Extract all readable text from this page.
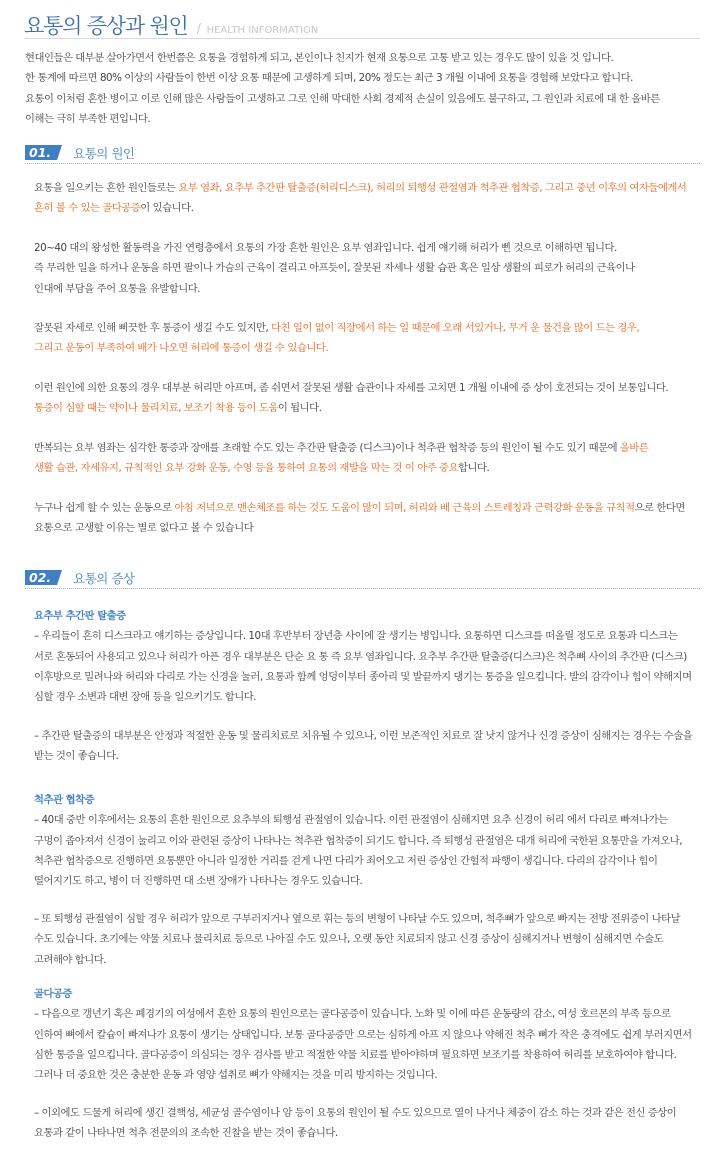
요통의 증상과 원인 / HEALTH INFORMATION

현대인들은 대부분 살아가면서 한번쯤은 요통을 경험하게 되고, 본인이나 친지가 현재 요통으로 고통 받고 있는 경우도 많이 있을 것 입니다.

한 통계에 따르면 80% 이상의 사람들이 한번 이상 요통 때문에 고생하게 되며, 20% 정도는 최근 3 개월 이내에 요통을 경험해 보았다고 합니다.

요통이 이처럼 흔한 병이고 이로 인해 많은 사람들이 고생하고 그로 인해 막대한 사회 경제적 손실이 있음에도 불구하고, 그 원인과 치료에 대 한 올바른

이해는 극히 부족한 편입니다.

01.	요통의 원인

요통을 일으키는 흔한 원인들로는 요부 염좌, 요추부 추간판 탈출증(허리디스크), 허리의 퇴행성 관절염과 척추관 협착증, 그리고 중년 이후의 여자들에게서

흔히 볼 수 있는 골다공증이 있습니다.

20~40 대의 왕성한 활동력을 가진 연령층에서 요통의 가장 흔한 원인은 요부 염좌입니다. 쉽게 얘기해 허리가 삔 것으로 이해하면 됩니다.

즉 무리한 일을 하거나 운동을 하면 팔이나 가슴의 근육이 결리고 아프듯이, 잘못된 자세나 생활 습관 혹은 일상 생활의 피로가 허리의 근육이나

인대에 부담을 주어 요통을 유발합니다.

잘못된 자세로 인해 삐끗한 후 통증이 생길 수도 있지만, 다친 일이 없이 직장에서 하는 일 때문에 오래 서있거나, 무거 운 물건을 많이 드는 경우,

그리고 운동이 부족하여 배가 나오면 허리에 통증이 생길 수 있습니다.

이런 원인에 의한 요통의 경우 대부분 허리만 아프며, 좀 쉬면서 잘못된 생활 습관이나 자세를 고치면 1 개월 이내에 증 상이 호전되는 것이 보통입니다.

통증이 심할 때는 약이나 물리치료, 보조기 착용 등이 도움이 됩니다.

반복되는 요부 염좌는 심각한 통증과 장애를 초래할 수도 있는 추간판 탈출증 (디스크)이나 척추관 협착증 등의 원인이 될 수도 있기 때문에 올바른

생활 습관, 자세유지, 규칙적인 요부 강화 운동, 수영 등을 통하여 요통의 재발을 막는 것 이 아주 중요합니다.

누구나 쉽게 할 수 있는 운동으로 아침 저녁으로 맨손체조를 하는 것도 도움이 많이 되며, 허리와 배 근육의 스트레칭과 근력강화 운동을 규칙적으로 한다면

요통으로 고생할 이유는 별로 없다고 볼 수 있습니다

02.	요통의 증상

요추부 추간판 탈출증

– 우리들이 흔히 디스크라고 얘기하는 증상입니다. 10대 후반부터 장년층 사이에 잘 생기는 병입니다. 요통하면 디스크를 떠올릴 정도로 요통과 디스크는

서로 혼동되어 사용되고 있으나 허리가 아픈 경우 대부분은 단순 요 통 즉 요부 염좌입니다. 요추부 추간판 탈출증(디스크)은 척추뼈 사이의 추간판 (디스크)

이후방으로 밀려나와 허리와 다리로 가는 신경을 눌러, 요통과 함께 엉덩이부터 종아리 및 발끝까지 댕기는 통증을 일으킵니다. 발의 감각이나 힘이 약해지며

심할 경우 소변과 대변 장애 등을 일으키기도 합니다.

– 추간판 탈출증의 대부분은 안정과 적절한 운동 및 물리치료로 치유될 수 있으나, 이런 보존적인 치료로 잘 낫지 않거나 신경 증상이 심해지는 경우는 수술을

받는 것이 좋습니다.

척추관 협착증

– 40대 중반 이후에서는 요통의 흔한 원인으로 요추부의 퇴행성 관절염이 있습니다. 이런 관절염이 심해지면 요추 신경이 허리 에서 다리로 빠져나가는

구멍이 좁아져서 신경이 눌리고 이와 관련된 증상이 나타나는 척추관 협착증이 되기도 합니다. 즉 퇴행성 관절염은 대개 허리에 국한된 요통만을 가져오나,

척추관 협착증으로 진행하면 요통뿐만 아니라 일정한 거리를 걷게 나면 다리가 죄어오고 저린 증상인 간헐적 파행이 생깁니다. 다리의 감각이나 힘이

떨어지기도 하고, 병이 더 진행하면 대 소변 장애가 나타나는 경우도 있습니다.

– 또 퇴행성 관절염이 심할 경우 허리가 앞으로 구부러지거나 옆으로 휘는 등의 변형이 나타날 수도 있으며, 척추뼈가 앞으로 빠지는 전방 전위증이 나타날

수도 있습니다. 초기에는 약물 치료나 물리치료 등으로 나아질 수도 있으나, 오랫 동안 치료되지 않고 신경 증상이 심해지거나 변형이 심해지면 수술도

고려해야 합니다.

골다공증

– 다음으로 갱년기 혹은 폐경기의 여성에서 흔한 요통의 원인으로는 골다공증이 있습니다. 노화 및 이에 따른 운동량의 감소, 여성 호르몬의 부족 등으로

인하여 뼈에서 칼슘이 빠져나가 요통이 생기는 상태입니다. 보통 골다공증만 으로는 심하게 아프 지 않으나 약해진 척추 뼈가 작은 충격에도 쉽게 부러지면서

심한 통증을 일으킵니다. 골다공증이 의심되는 경우 검사를 받고 적절한 약물 치료를 받아야하며 필요하면 보조기를 착용하여 허리를 보호하여야 합니다.

그러나 더 중요한 것은 충분한 운동 과 영양 섭취로 뼈가 약해지는 것을 미리 방지하는 것입니다.

– 이외에도 드물게 허리에 생긴 결핵성, 세균성 골수염이나 암 등이 요통의 원인이 될 수도 있으므로 열이 나거나 체중이 감소 하는 것과 같은 전신 증상이

요통과 같이 나타나면 척추 전문의의 조속한 진찰을 받는 것이 좋습니다.
